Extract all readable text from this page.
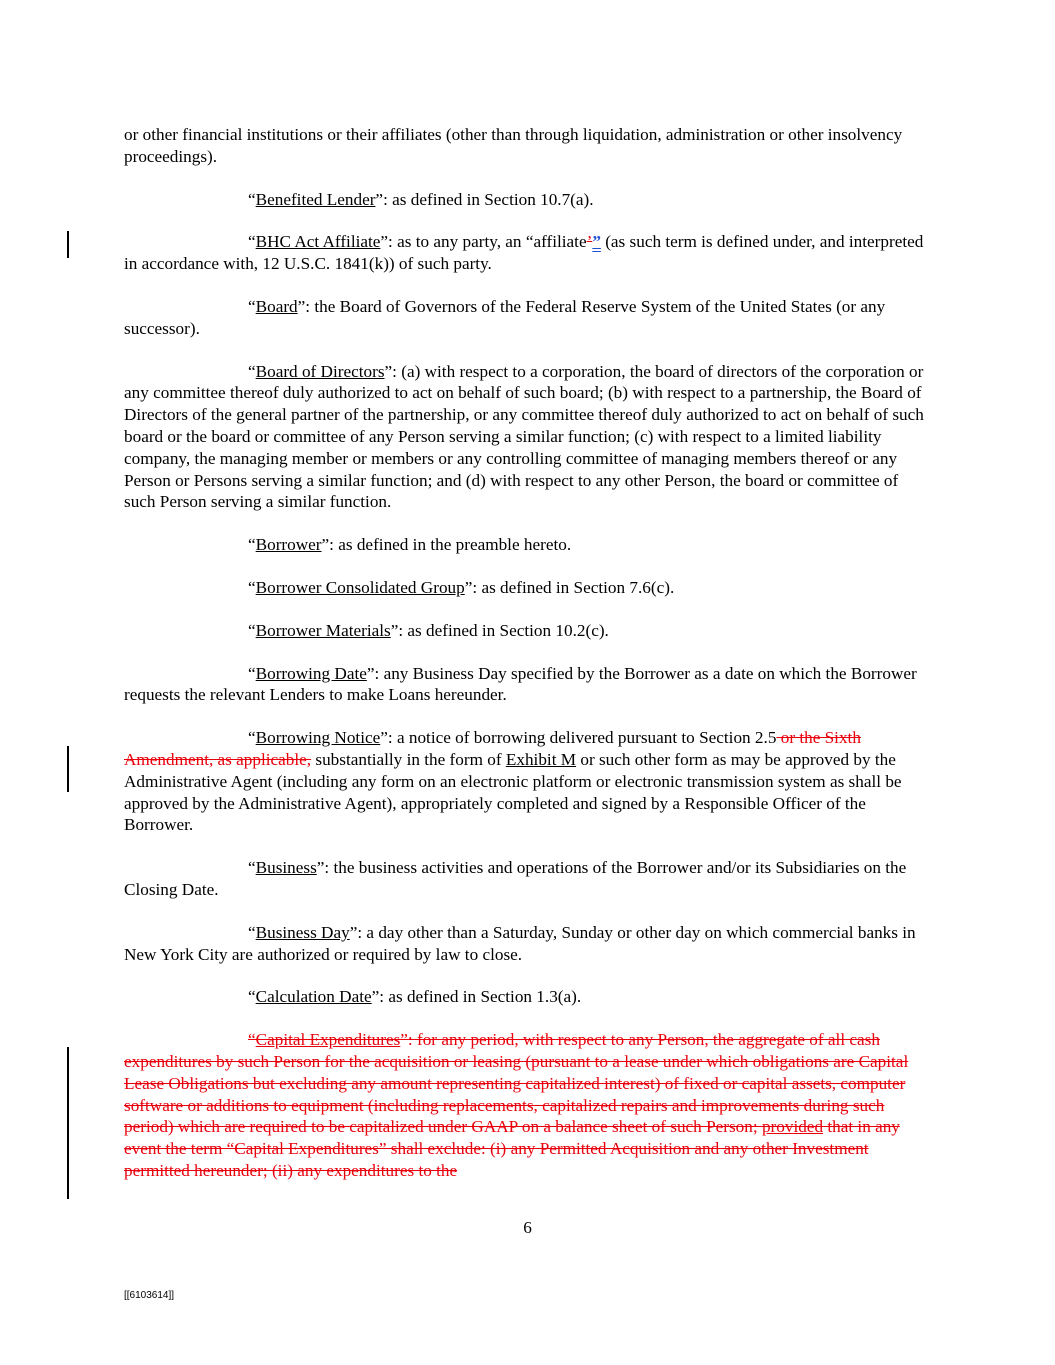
or other financial institutions or their affiliates (other than through liquidation, administration or other insolvency proceedings).

“Benefited Lender”: as defined in Section 10.7(a).

“BHC Act Affiliate”: as to any party, an “affiliate’” (as such term is defined under, and interpreted in accordance with, 12 U.S.C. 1841(k)) of such party.

“Board”: the Board of Governors of the Federal Reserve System of the United States (or any successor).

“Board of Directors”: (a) with respect to a corporation, the board of directors of the corporation or any committee thereof duly authorized to act on behalf of such board; (b) with respect to a partnership, the Board of Directors of the general partner of the partnership, or any committee thereof duly authorized to act on behalf of such board or the board or committee of any Person serving a similar function; (c) with respect to a limited liability company, the managing member or members or any controlling committee of managing members thereof or any Person or Persons serving a similar function; and (d) with respect to any other Person, the board or committee of such Person serving a similar function.

“Borrower”: as defined in the preamble hereto.

“Borrower Consolidated Group”: as defined in Section 7.6(c).

“Borrower Materials”: as defined in Section 10.2(c).

“Borrowing Date”: any Business Day specified by the Borrower as a date on which the Borrower requests the relevant Lenders to make Loans hereunder.

“Borrowing Notice”: a notice of borrowing delivered pursuant to Section 2.5 or the Sixth Amendment, as applicable, substantially in the form of Exhibit M or such other form as may be approved by the Administrative Agent (including any form on an electronic platform or electronic transmission system as shall be approved by the Administrative Agent), appropriately completed and signed by a Responsible Officer of the Borrower.

“Business”: the business activities and operations of the Borrower and/or its Subsidiaries on the Closing Date.

“Business Day”: a day other than a Saturday, Sunday or other day on which commercial banks in New York City are authorized or required by law to close.

“Calculation Date”: as defined in Section 1.3(a).

“Capital Expenditures”: for any period, with respect to any Person, the aggregate of all cash expenditures by such Person for the acquisition or leasing (pursuant to a lease under which obligations are Capital Lease Obligations but excluding any amount representing capitalized interest) of fixed or capital assets, computer software or additions to equipment (including replacements, capitalized repairs and improvements during such period) which are required to be capitalized under GAAP on a balance sheet of such Person; provided that in any event the term “Capital Expenditures” shall exclude: (i) any Permitted Acquisition and any other Investment permitted hereunder; (ii) any expenditures to the

6
[[6103614]]
